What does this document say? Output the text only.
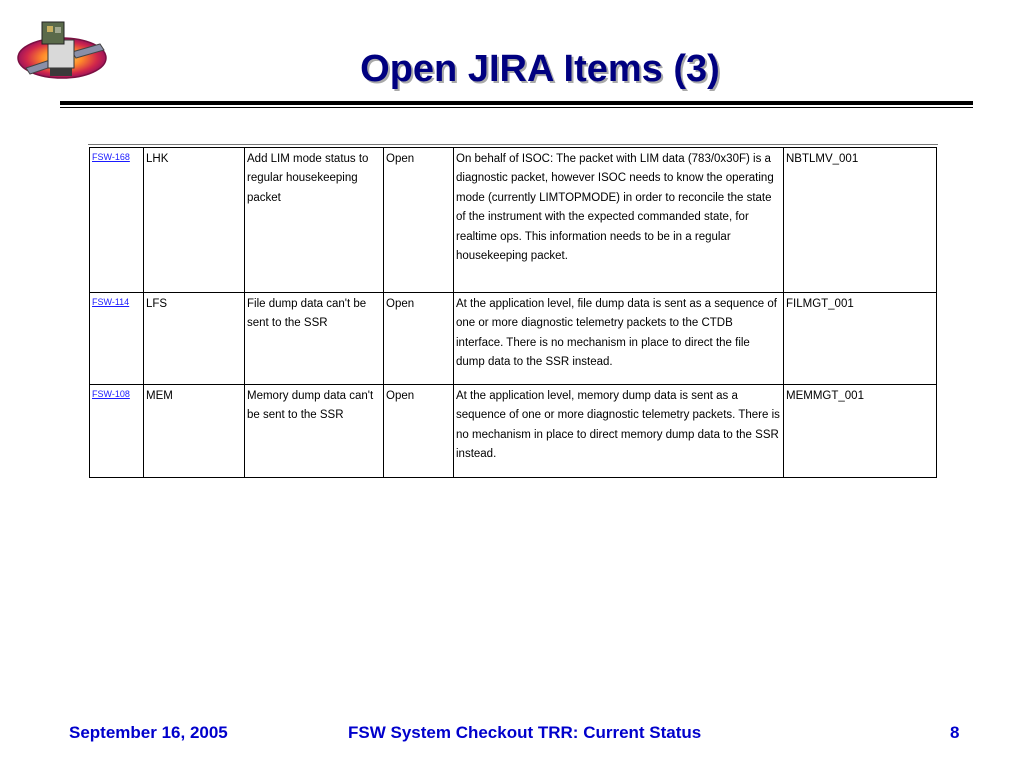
Open JIRA Items (3)
FSW-168	LHK	Add LIM mode status to regular housekeeping packet	Open	On behalf of ISOC: The packet with LIM data (783/0x30F) is a diagnostic packet, however ISOC needs to know the operating mode (currently LIMTOPMODE) in order to reconcile the state of the instrument with the expected commanded state, for realtime ops. This information needs to be in a regular housekeeping packet.	NBTLMV_001
FSW-114	LFS	File dump data can't be sent to the SSR	Open	At the application level, file dump data is sent as a sequence of one or more diagnostic telemetry packets to the CTDB interface. There is no mechanism in place to direct the file dump data to the SSR instead.	FILMGT_001
FSW-108	MEM	Memory dump data can't be sent to the SSR	Open	At the application level, memory dump data is sent as a sequence of one or more diagnostic telemetry packets. There is no mechanism in place to direct memory dump data to the SSR instead.	MEMMGT_001

September 16, 2005	FSW System Checkout TRR: Current Status	8
